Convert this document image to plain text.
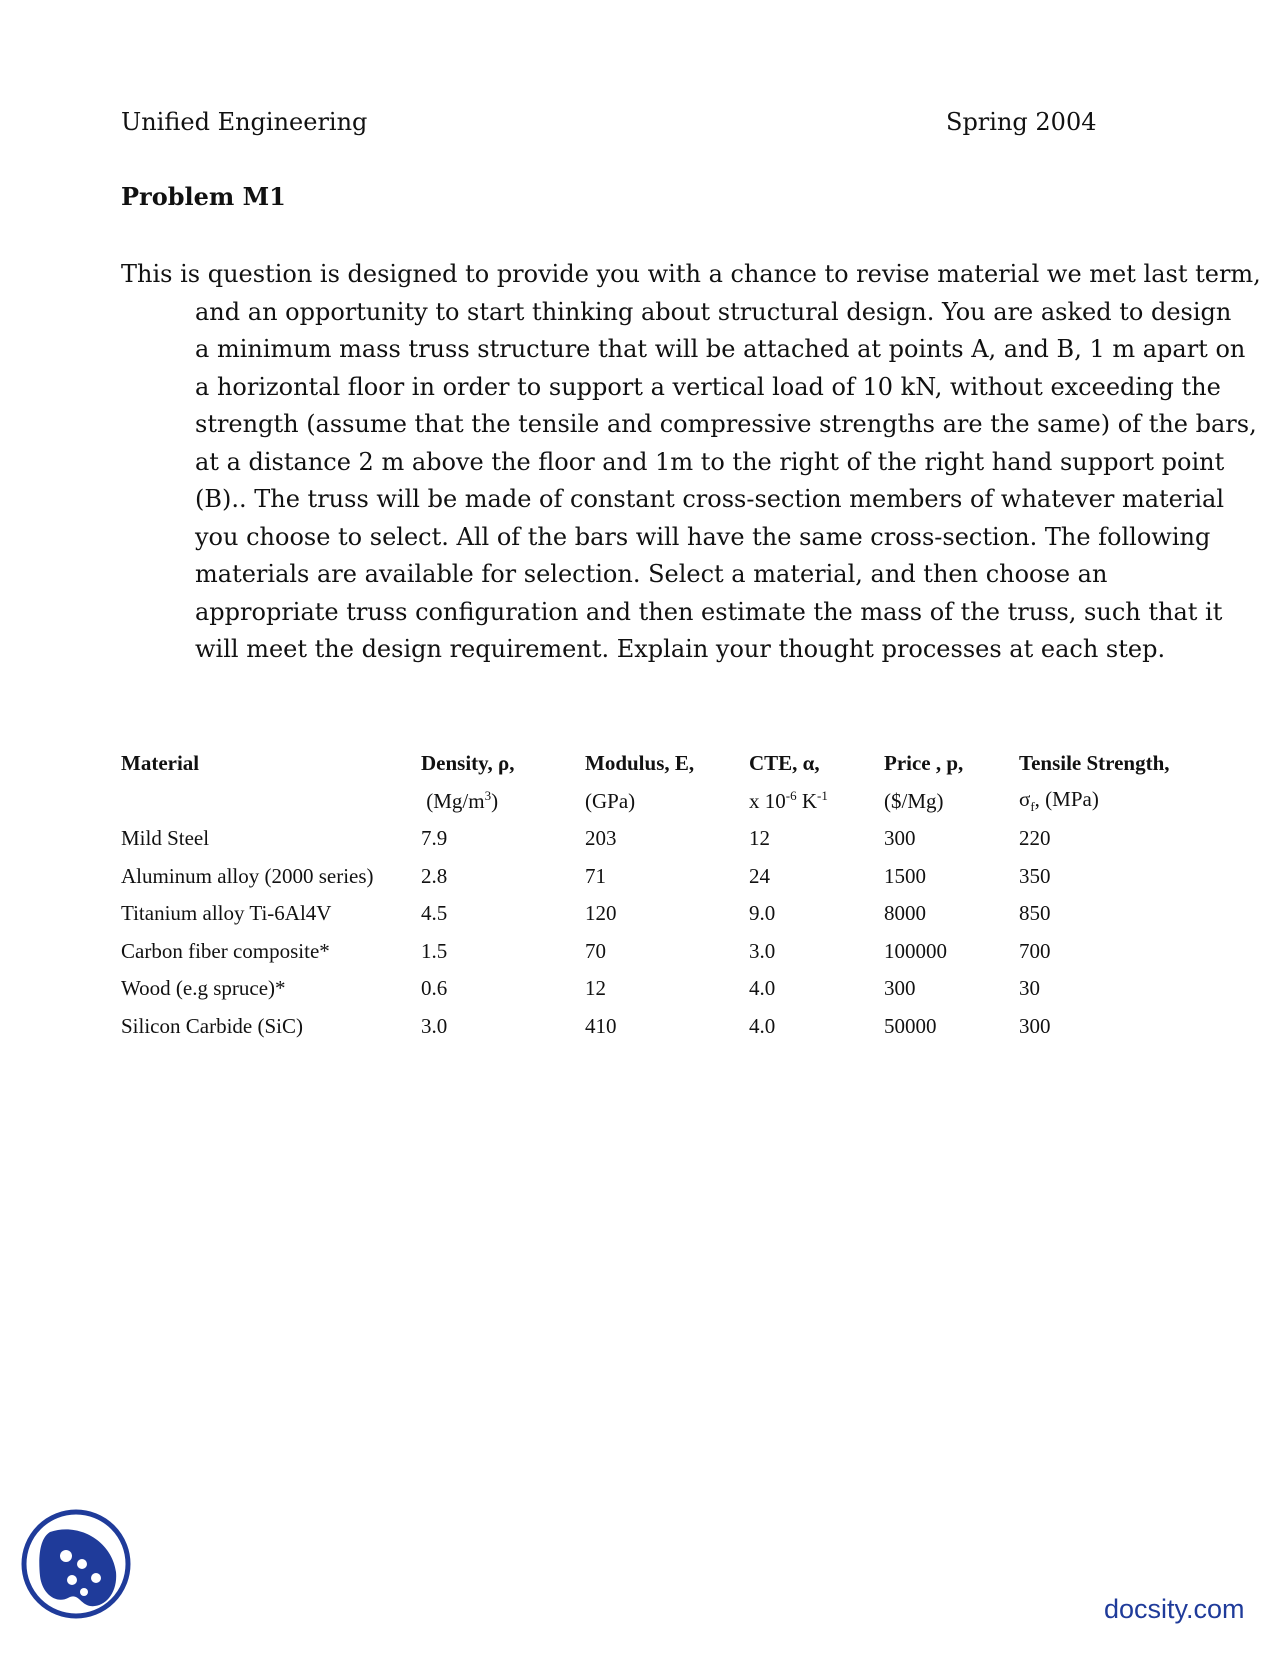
Unified Engineering	Spring 2004
Problem M1

This is question is designed to provide you with a chance to revise material we met last term,
and an opportunity to start thinking about structural design. You are asked to design
a minimum mass truss structure that will be attached at points A, and B, 1 m apart on
a horizontal floor in order to support a vertical load of 10 kN, without exceeding the
strength (assume that the tensile and compressive strengths are the same) of the bars,
at a distance 2 m above the floor and 1m to the right of the right hand support point
(B).. The truss will be made of constant cross-section members of whatever material
you choose to select. All of the bars will have the same cross-section. The following
materials are available for selection. Select a material, and then choose an
appropriate truss configuration and then estimate the mass of the truss, such that it
will meet the design requirement. Explain your thought processes at each step.

Material	Density, ρ,	Modulus, E,	CTE, α,	Price , p,	Tensile Strength,
	$(Mg/m^3)$	(GPa)	x $10^{-6}$ $K^{-1}$	($/Mg)	$\sigma_f$, (MPa)
Mild Steel	7.9	203	12	300	220
Aluminum alloy (2000 series)	2.8	71	24	1500	350
Titanium alloy Ti-6Al4V	4.5	120	9.0	8000	850
Carbon fiber composite*	1.5	70	3.0	100000	700
Wood (e.g spruce)*	0.6	12	4.0	300	30
Silicon Carbide (SiC)	3.0	410	4.0	50000	300
docsity.com
